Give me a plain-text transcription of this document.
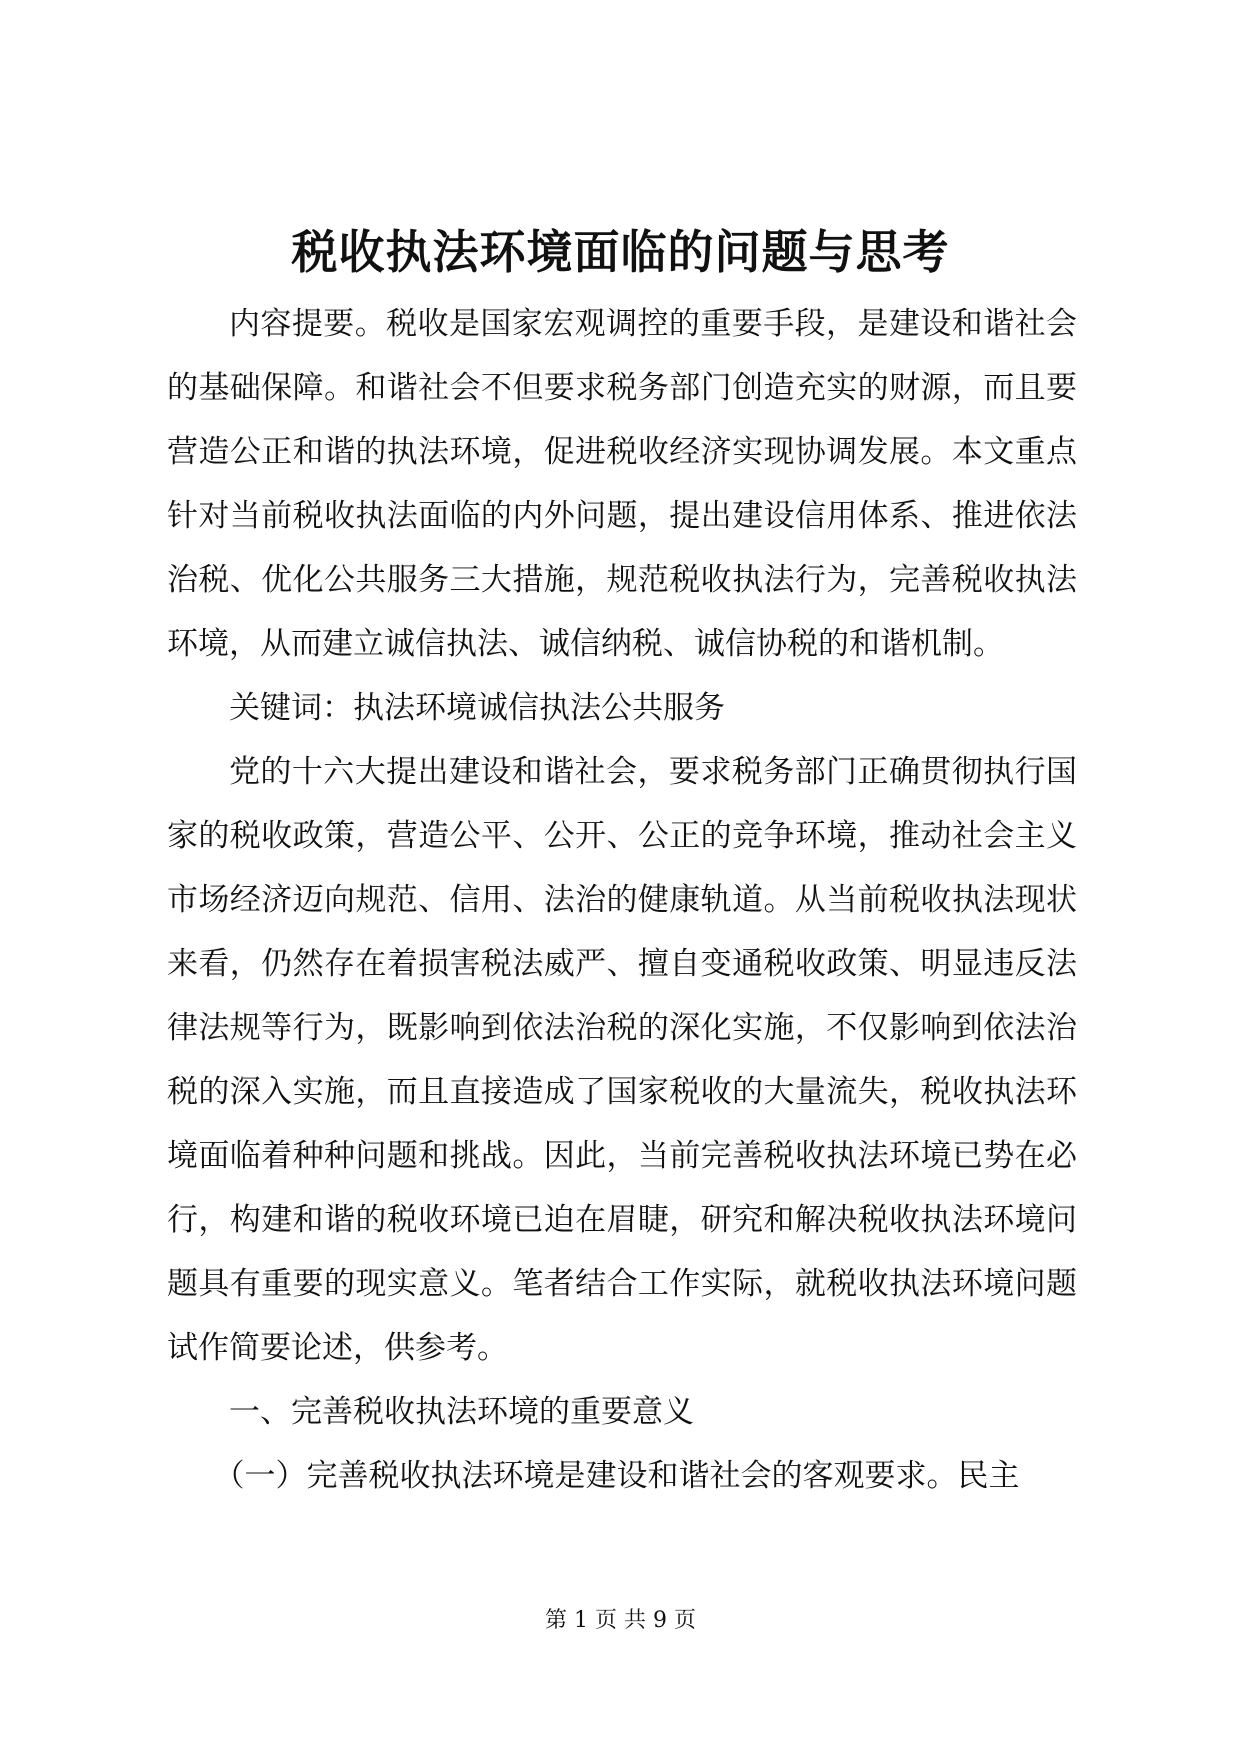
税收执法环境面临的问题与思考

内容提要。税收是国家宏观调控的重要手段，是建设和谐社会的基础保障。和谐社会不但要求税务部门创造充实的财源，而且要营造公正和谐的执法环境，促进税收经济实现协调发展。本文重点针对当前税收执法面临的内外问题，提出建设信用体系、推进依法治税、优化公共服务三大措施，规范税收执法行为，完善税收执法环境，从而建立诚信执法、诚信纳税、诚信协税的和谐机制。

关键词：执法环境诚信执法公共服务

党的十六大提出建设和谐社会，要求税务部门正确贯彻执行国家的税收政策，营造公平、公开、公正的竞争环境，推动社会主义市场经济迈向规范、信用、法治的健康轨道。从当前税收执法现状来看，仍然存在着损害税法威严、擅自变通税收政策、明显违反法律法规等行为，既影响到依法治税的深化实施，不仅影响到依法治税的深入实施，而且直接造成了国家税收的大量流失，税收执法环境面临着种种问题和挑战。因此，当前完善税收执法环境已势在必行，构建和谐的税收环境已迫在眉睫，研究和解决税收执法环境问题具有重要的现实意义。笔者结合工作实际，就税收执法环境问题试作简要论述，供参考。

一、完善税收执法环境的重要意义

（一）完善税收执法环境是建设和谐社会的客观要求。民主

第 1 页 共 9 页
